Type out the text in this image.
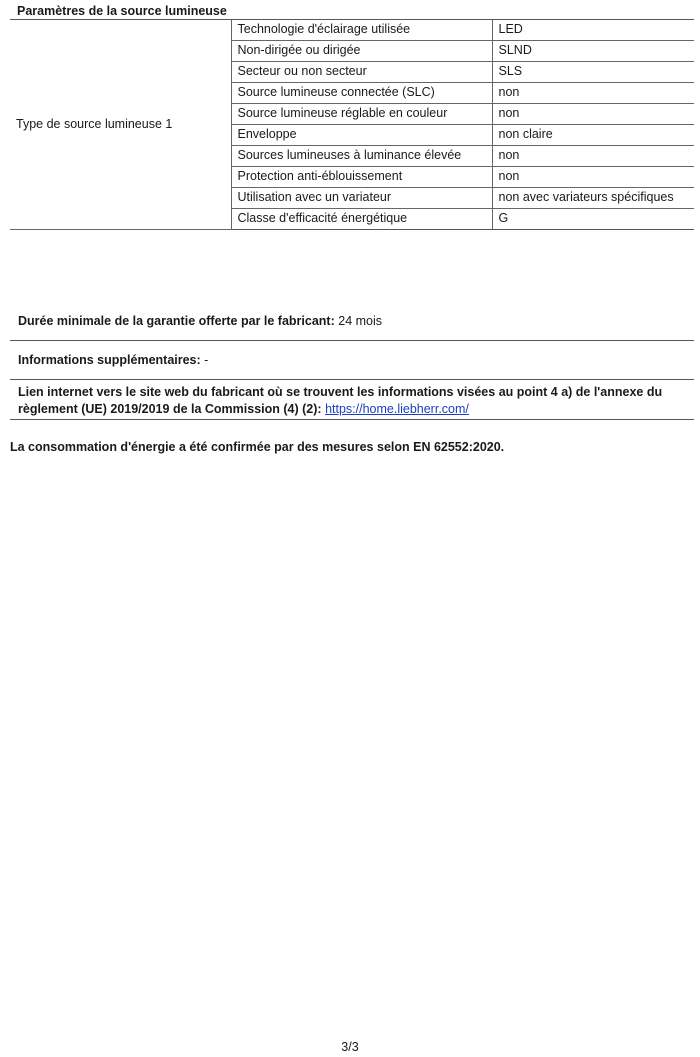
Paramètres de la source lumineuse
Type de source lumineuse 1	Technologie d'éclairage utilisée	LED
	Non-dirigée ou dirigée	SLND
	Secteur ou non secteur	SLS
	Source lumineuse connectée (SLC)	non
	Source lumineuse réglable en couleur	non
	Enveloppe	non claire
	Sources lumineuses à luminance élevée	non
	Protection anti-éblouissement	non
	Utilisation avec un variateur	non avec variateurs spécifiques
	Classe d'efficacité énergétique	G
Durée minimale de la garantie offerte par le fabricant: 24 mois
Informations supplémentaires: -
Lien internet vers le site web du fabricant où se trouvent les informations visées au point 4 a) de l'annexe du règlement (UE) 2019/2019 de la Commission (4) (2): https://home.liebherr.com/
La consommation d'énergie a été confirmée par des mesures selon EN 62552:2020.
3/3
